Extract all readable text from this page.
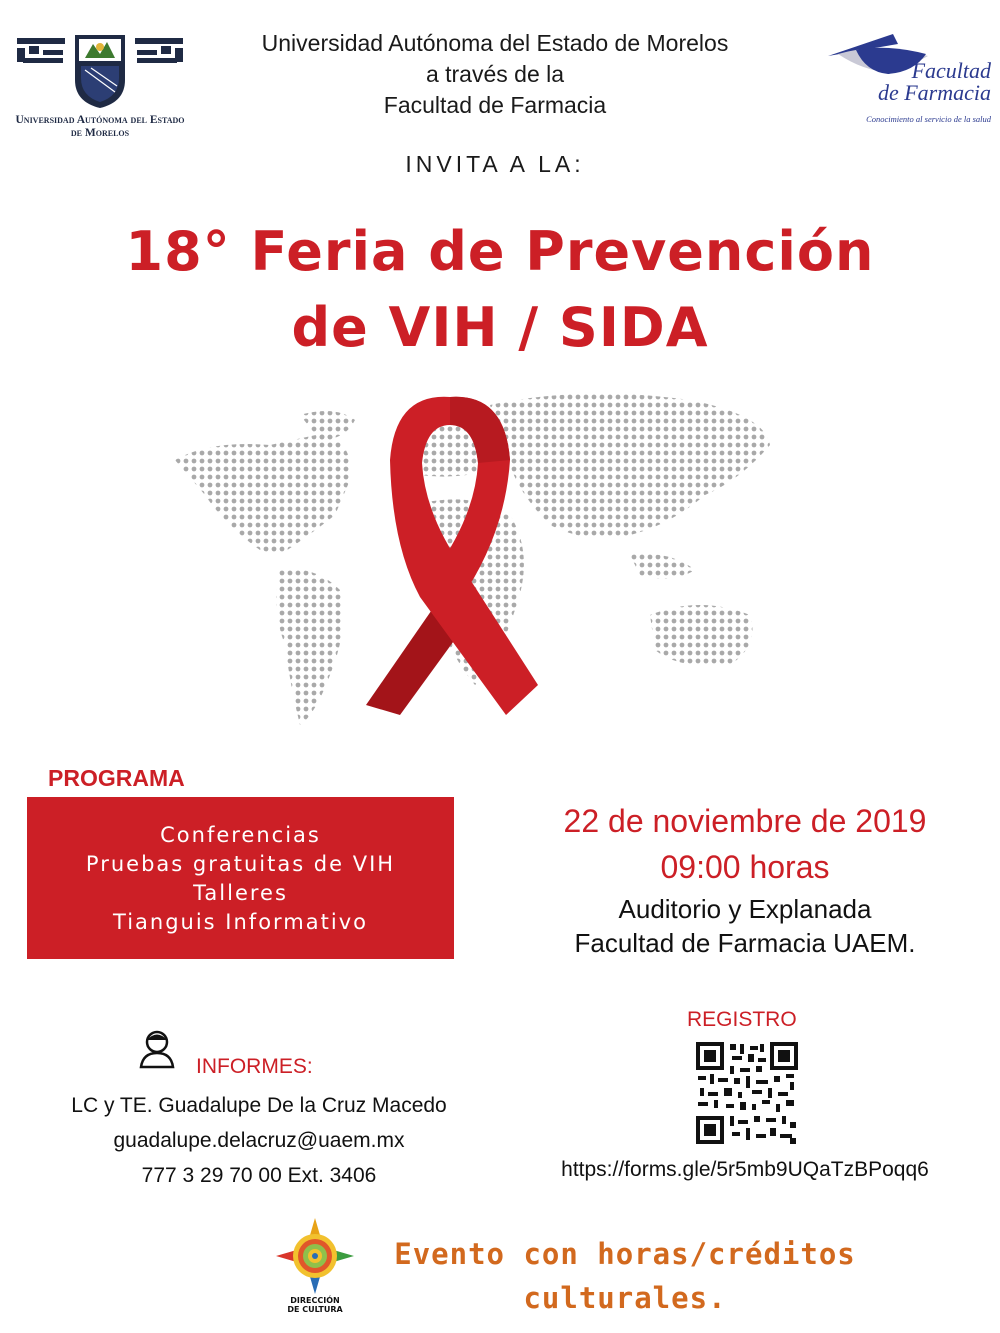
Universidad Autónoma del Estado de Morelos
Universidad Autónoma del Estado de Morelos
a través de la
Facultad de Farmacia
INVITA A LA:
Facultad
de Farmacia
Conocimiento al servicio de la salud
18° Feria de Prevención
de VIH / SIDA
PROGRAMA
Conferencias
Pruebas gratuitas de VIH
Talleres
Tianguis Informativo
22 de noviembre de 2019
09:00 horas
Auditorio y Explanada
Facultad de Farmacia UAEM.
INFORMES:
LC y TE. Guadalupe De la Cruz Macedo
guadalupe.delacruz@uaem.mx
777 3 29 70 00 Ext. 3406
REGISTRO
https://forms.gle/5r5mb9UQaTzBPoqq6
DIRECCIÓN
DE CULTURA
Evento con horas/créditos
culturales.
